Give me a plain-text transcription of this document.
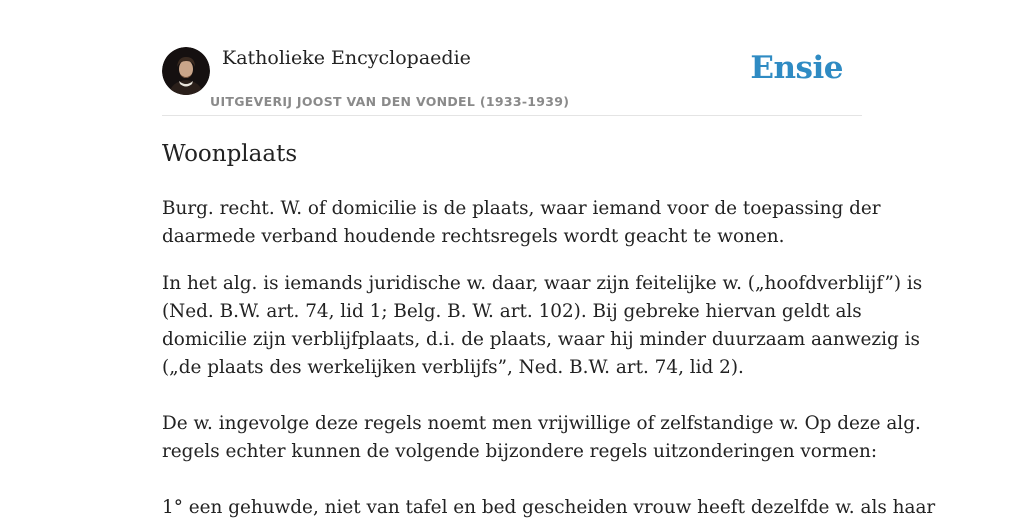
Katholieke Encyclopaedie
UITGEVERIJ JOOST VAN DEN VONDEL (1933-1939)
Ensie
Woonplaats

Burg. recht. W. of domicilie is de plaats, waar iemand voor de toepassing der
daarmede verband houdende rechtsregels wordt geacht te wonen.

In het alg. is iemands juridische w. daar, waar zijn feitelijke w. („hoofdverblijf”) is
(Ned. B.W. art. 74, lid 1; Belg. B. W. art. 102). Bij gebreke hiervan geldt als
domicilie zijn verblijfplaats, d.i. de plaats, waar hij minder duurzaam aanwezig is
(„de plaats des werkelijken verblijfs”, Ned. B.W. art. 74, lid 2).

De w. ingevolge deze regels noemt men vrijwillige of zelfstandige w. Op deze alg.
regels echter kunnen de volgende bijzondere regels uitzonderingen vormen:

1° een gehuwde, niet van tafel en bed gescheiden vrouw heeft dezelfde w. als haar
